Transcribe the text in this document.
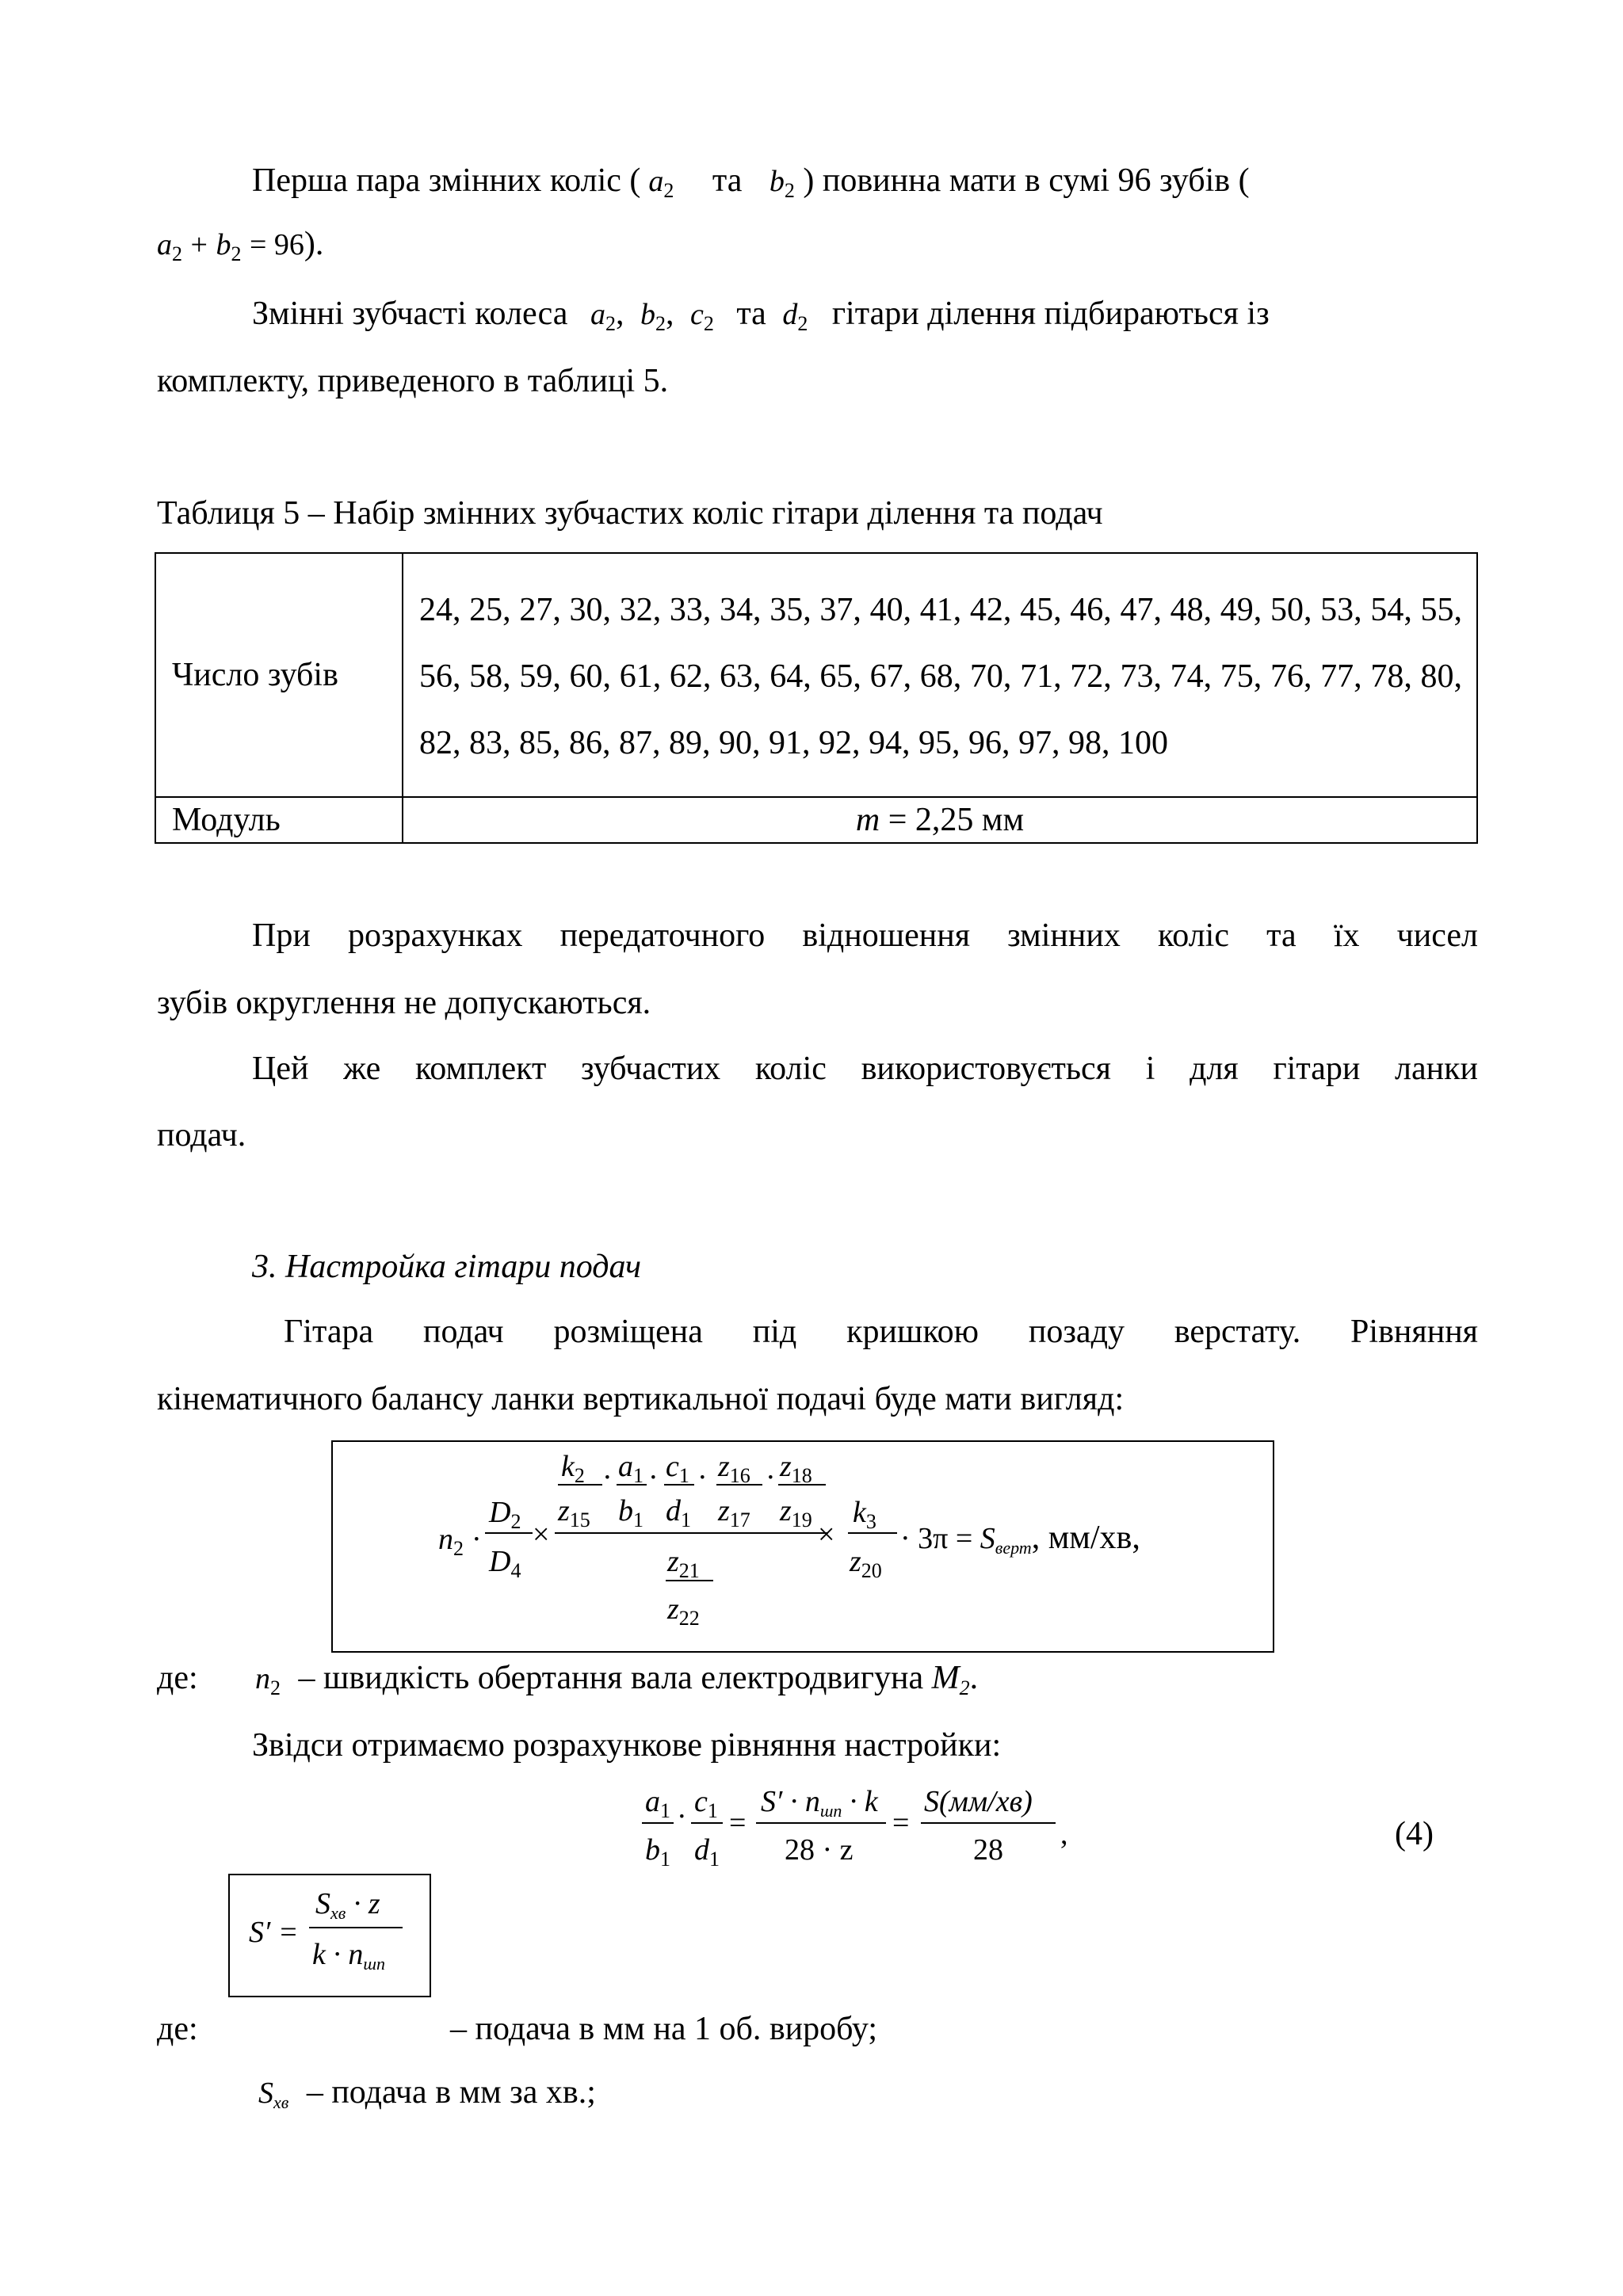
Перша пара змінних коліс ( $a_2$ та $b_2$ ) повинна мати в сумі 96 зубів (
$a_2 + b_2 = 96$).
Змінні зубчасті колеса $a_2$, $b_2$, $c_2$ та $d_2$ гітари ділення підбираються із
комплекту, приведеного в таблиці 5.
Таблиця 5 – Набір змінних зубчастих коліс гітари ділення та подач
Число зубів	24, 25, 27, 30, 32, 33, 34, 35, 37, 40, 41, 42, 45, 46, 47, 48, 49, 50, 53, 54, 55, 56, 58, 59, 60, 61, 62, 63, 64, 65, 67, 68, 70, 71, 72, 73, 74, 75, 76, 77, 78, 80, 82, 83, 85, 86, 87, 89, 90, 91, 92, 94, 95, 96, 97, 98, 100
Модуль	m = 2,25 мм
При розрахунках передаточного відношення змінних коліс та їх чисел
зубів округлення не допускаються.
Цей же комплект зубчастих коліс використовується і для гітари ланки
подач.
3. Настройка гітари подач
Гітара подач розміщена під кришкою позаду верстату. Рівняння
кінематичного балансу ланки вертикальної подачі буде мати вигляд:
$n_2$ ·
$D_2$
$D_4$
×
$k_2$
$z_{15}$
· $a_1$
$b_1$
· $c_1$
$d_1$
· $z_{16}$
$z_{17}$
· $z_{18}$
$z_{19}$
$z_{21}$
$z_{22}$
×
$k_3$
$z_{20}$
· 3π = Sверт, мм/хв,
де: $n_2$ – швидкість обертання вала електродвигуна $M_2$.
Звідси отримаємо розрахункове рівняння настройки:
$a_1$
$b_1$
· $c_1$
$d_1$
=
S′ · nшп · k
28 · z
=
S(мм/хв)
28 ,	(4)
S′ =
Sхв · z
k · nшп
де:	– подача в мм на 1 об. виробу;
Sхв – подача в мм за хв.;
